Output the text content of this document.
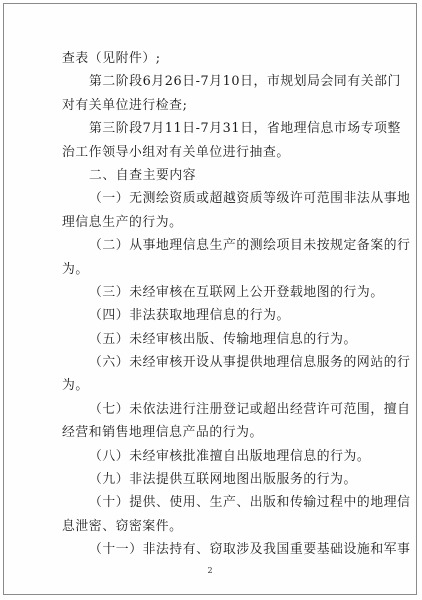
查表（见附件）;
第二阶段6月26日-7月10日，市规划局会同有关部门
对有关单位进行检查;
第三阶段7月11日-7月31日，省地理信息市场专项整
治工作领导小组对有关单位进行抽查。
二、自查主要内容
（一）无测绘资质或超越资质等级许可范围非法从事地
理信息生产的行为。
（二）从事地理信息生产的测绘项目未按规定备案的行
为。
（三）未经审核在互联网上公开登载地图的行为。
（四）非法获取地理信息的行为。
（五）未经审核出版、传输地理信息的行为。
（六）未经审核开设从事提供地理信息服务的网站的行
为。
（七）未依法进行注册登记或超出经营许可范围，擅自
经营和销售地理信息产品的行为。
（八）未经审核批准擅自出版地理信息的行为。
（九）非法提供互联网地图出版服务的行为。
（十）提供、使用、生产、出版和传输过程中的地理信
息泄密、窃密案件。
（十一）非法持有、窃取涉及我国重要基础设施和军事
2
